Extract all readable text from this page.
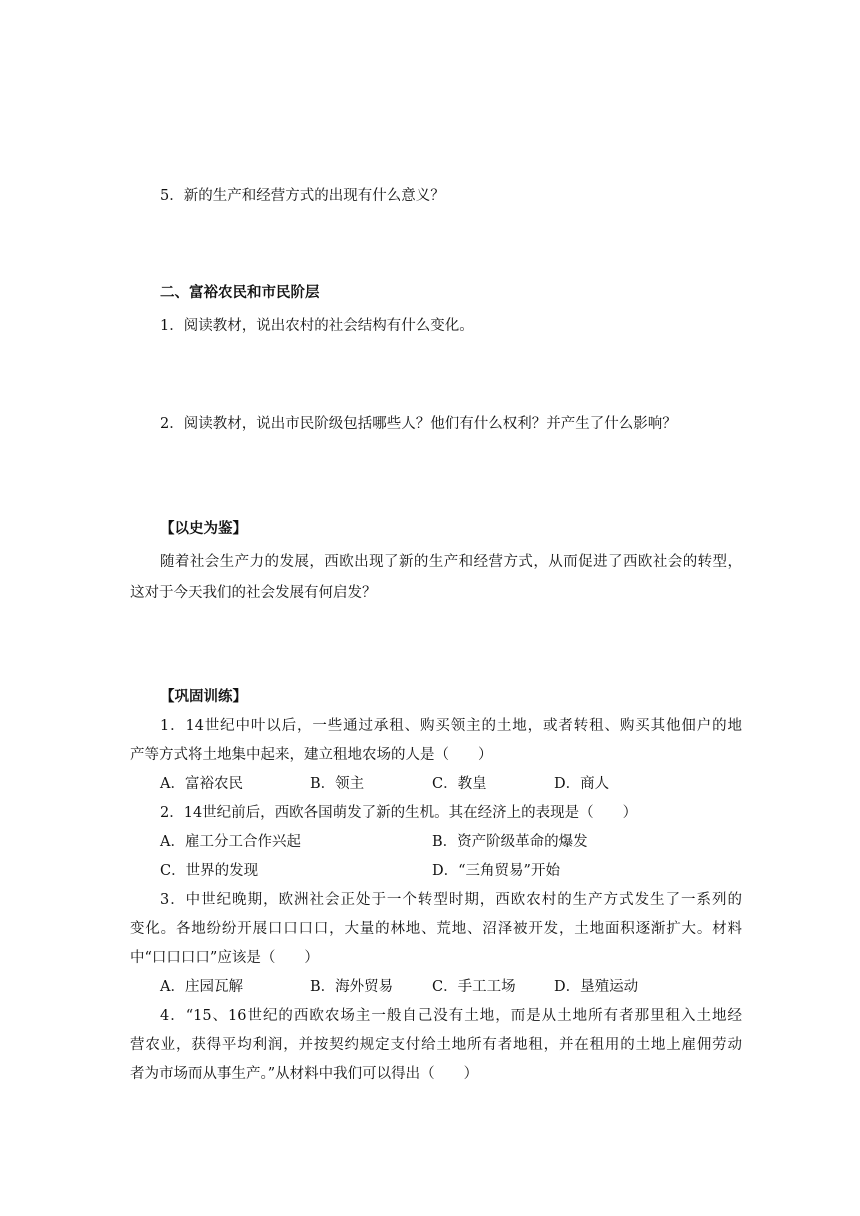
5．新的生产和经营方式的出现有什么意义？
二、富裕农民和市民阶层
1．阅读教材，说出农村的社会结构有什么变化。
2．阅读教材，说出市民阶级包括哪些人？他们有什么权利？并产生了什么影响？
【以史为鉴】
随着社会生产力的发展，西欧出现了新的生产和经营方式，从而促进了西欧社会的转型，
这对于今天我们的社会发展有何启发？
【巩固训练】
1．14世纪中叶以后，一些通过承租、购买领主的土地，或者转租、购买其他佃户的地
产等方式将土地集中起来，建立租地农场的人是（　　）
A．富裕农民	B．领主	C．教皇	D．商人
2．14世纪前后，西欧各国萌发了新的生机。其在经济上的表现是（　　）
A．雇工分工合作兴起	B．资产阶级革命的爆发
C．世界的发现	D．“三角贸易”开始
3．中世纪晚期，欧洲社会正处于一个转型时期，西欧农村的生产方式发生了一系列的
变化。各地纷纷开展口口口口，大量的林地、荒地、沼泽被开发，土地面积逐渐扩大。材料
中“口口口口”应该是（　　）
A．庄园瓦解	B．海外贸易	C．手工工场	D．垦殖运动
4．“15、16世纪的西欧农场主一般自己没有土地，而是从土地所有者那里租入土地经
营农业，获得平均利润，并按契约规定支付给土地所有者地租，并在租用的土地上雇佣劳动
者为市场而从事生产。”从材料中我们可以得出（　　）
